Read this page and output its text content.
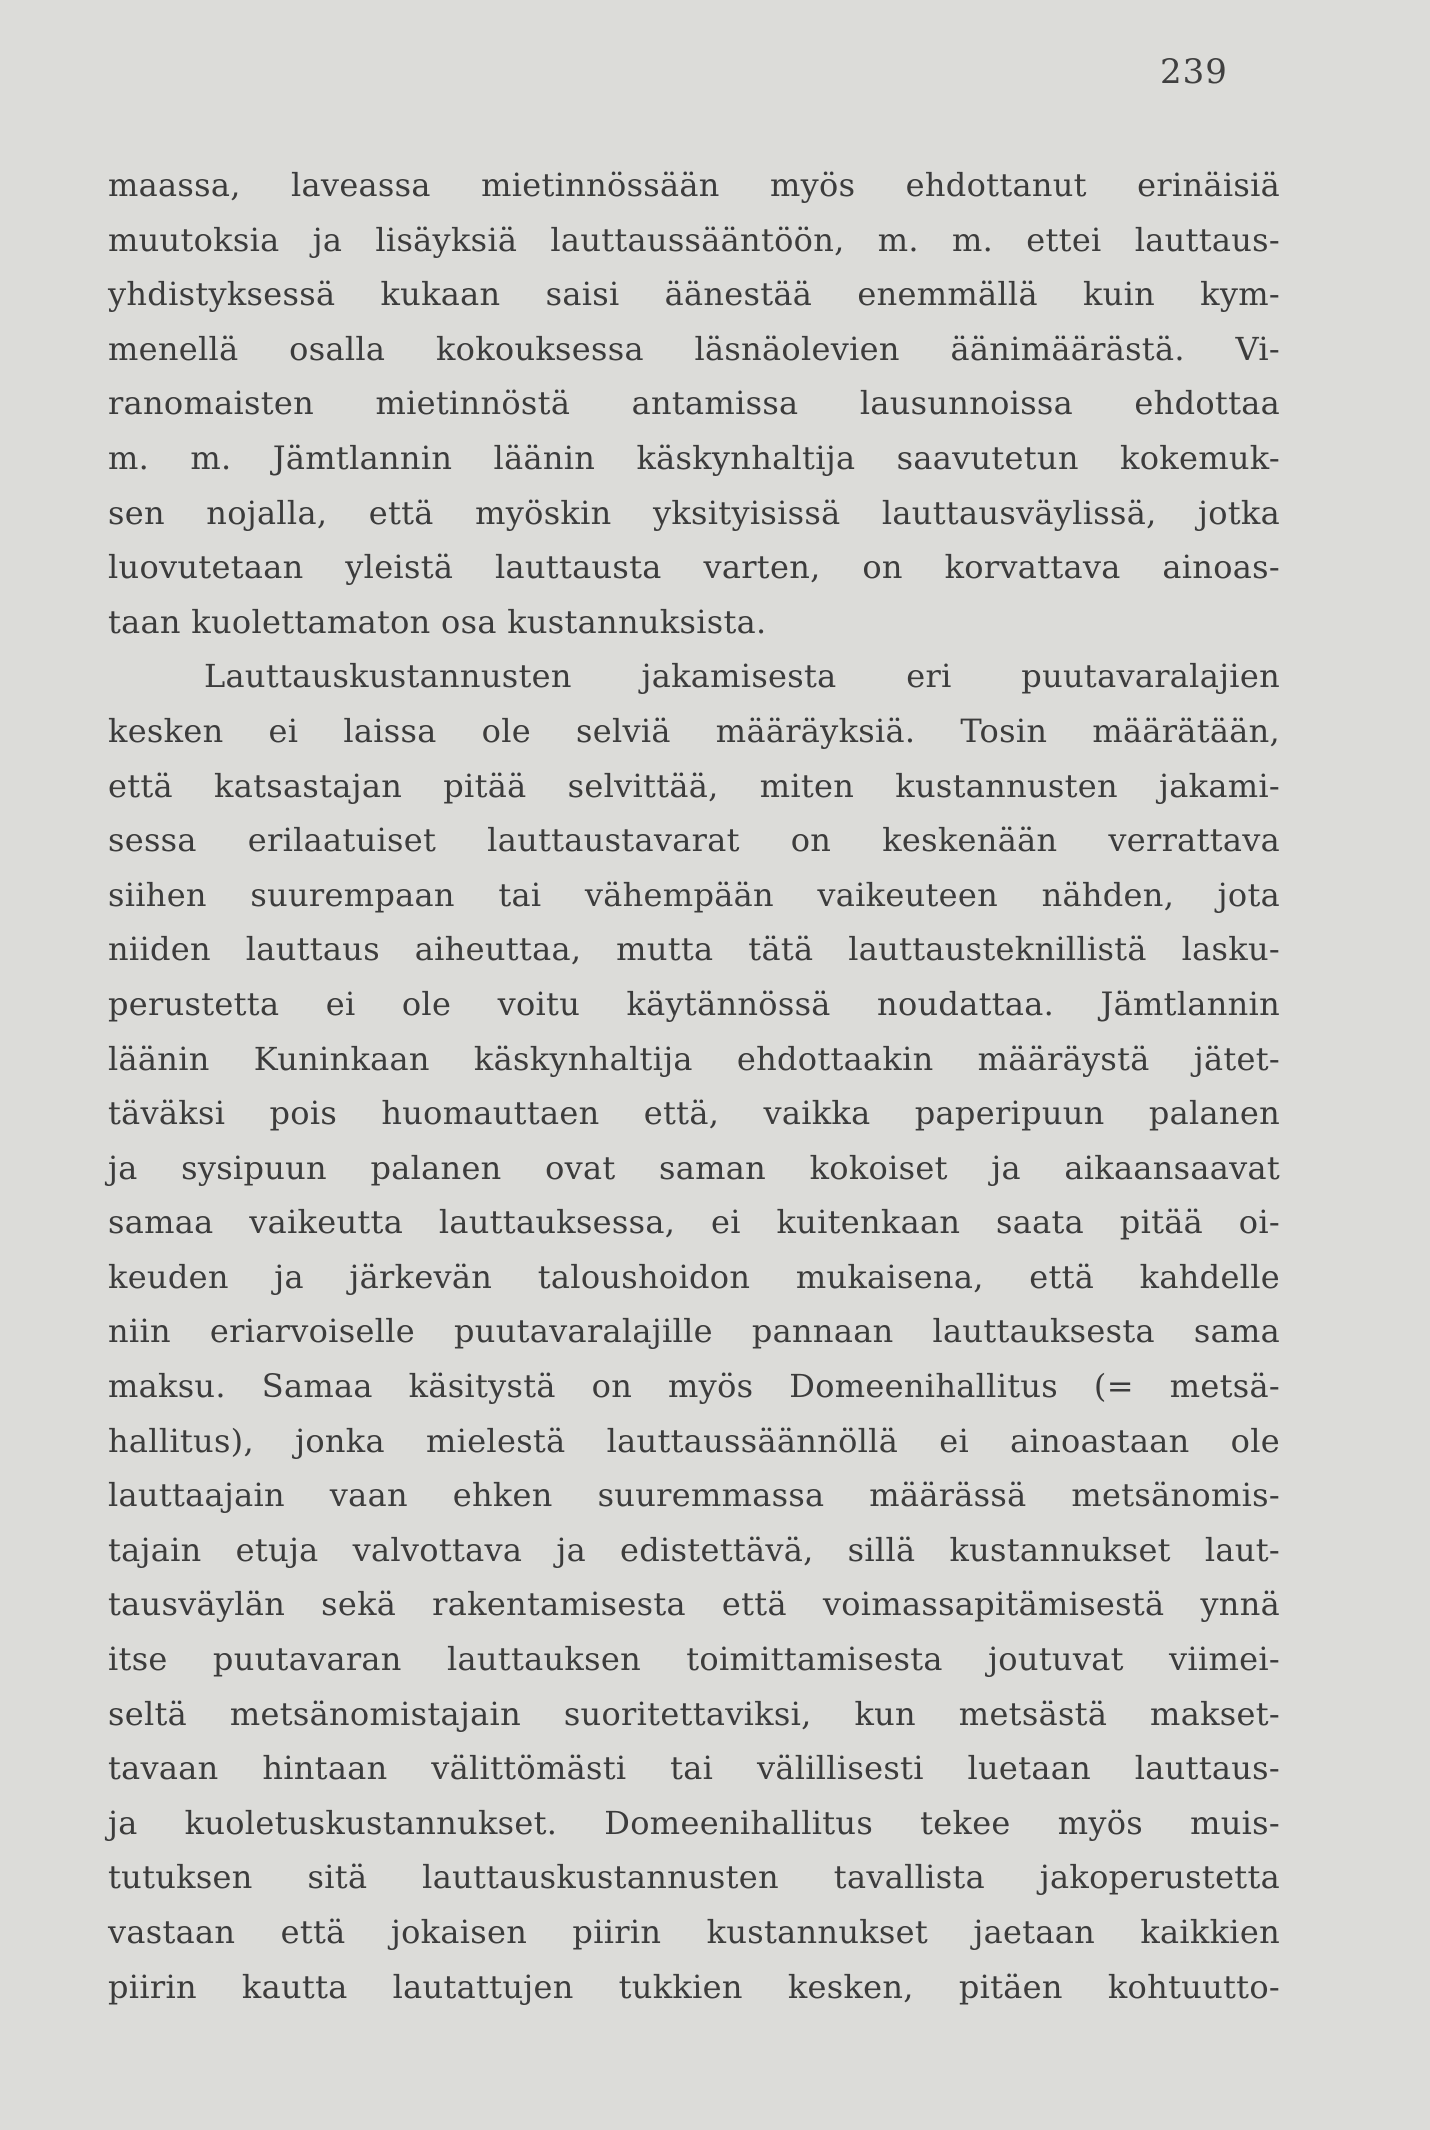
239
maassa, laveassa mietinnössään myös ehdottanut erinäisiä
muutoksia ja lisäyksiä lauttaussääntöön, m. m. ettei lauttaus-
yhdistyksessä kukaan saisi äänestää enemmällä kuin kym-
menellä osalla kokouksessa läsnäolevien äänimäärästä. Vi-
ranomaisten mietinnöstä antamissa lausunnoissa ehdottaa
m. m. Jämtlannin läänin käskynhaltija saavutetun kokemuk-
sen nojalla, että myöskin yksityisissä lauttausväylissä, jotka
luovutetaan yleistä lauttausta varten, on korvattava ainoas-
taan kuolettamaton osa kustannuksista.
Lauttauskustannusten jakamisesta eri puutavaralajien
kesken ei laissa ole selviä määräyksiä. Tosin määrätään,
että katsastajan pitää selvittää, miten kustannusten jakami-
sessa erilaatuiset lauttaustavarat on keskenään verrattava
siihen suurempaan tai vähempään vaikeuteen nähden, jota
niiden lauttaus aiheuttaa, mutta tätä lauttausteknillistä lasku-
perustetta ei ole voitu käytännössä noudattaa. Jämtlannin
läänin Kuninkaan käskynhaltija ehdottaakin määräystä jätet-
täväksi pois huomauttaen että, vaikka paperipuun palanen
ja sysipuun palanen ovat saman kokoiset ja aikaansaavat
samaa vaikeutta lauttauksessa, ei kuitenkaan saata pitää oi-
keuden ja järkevän taloushoidon mukaisena, että kahdelle
niin eriarvoiselle puutavaralajille pannaan lauttauksesta sama
maksu. Samaa käsitystä on myös Domeenihallitus (= metsä-
hallitus), jonka mielestä lauttaussäännöllä ei ainoastaan ole
lauttaajain vaan ehken suuremmassa määrässä metsänomis-
tajain etuja valvottava ja edistettävä, sillä kustannukset laut-
tausväylän sekä rakentamisesta että voimassapitämisestä ynnä
itse puutavaran lauttauksen toimittamisesta joutuvat viimei-
seltä metsänomistajain suoritettaviksi, kun metsästä makset-
tavaan hintaan välittömästi tai välillisesti luetaan lauttaus-
ja kuoletuskustannukset. Domeenihallitus tekee myös muis-
tutuksen sitä lauttauskustannusten tavallista jakoperustetta
vastaan että jokaisen piirin kustannukset jaetaan kaikkien
piirin kautta lautattujen tukkien kesken, pitäen kohtuutto-
